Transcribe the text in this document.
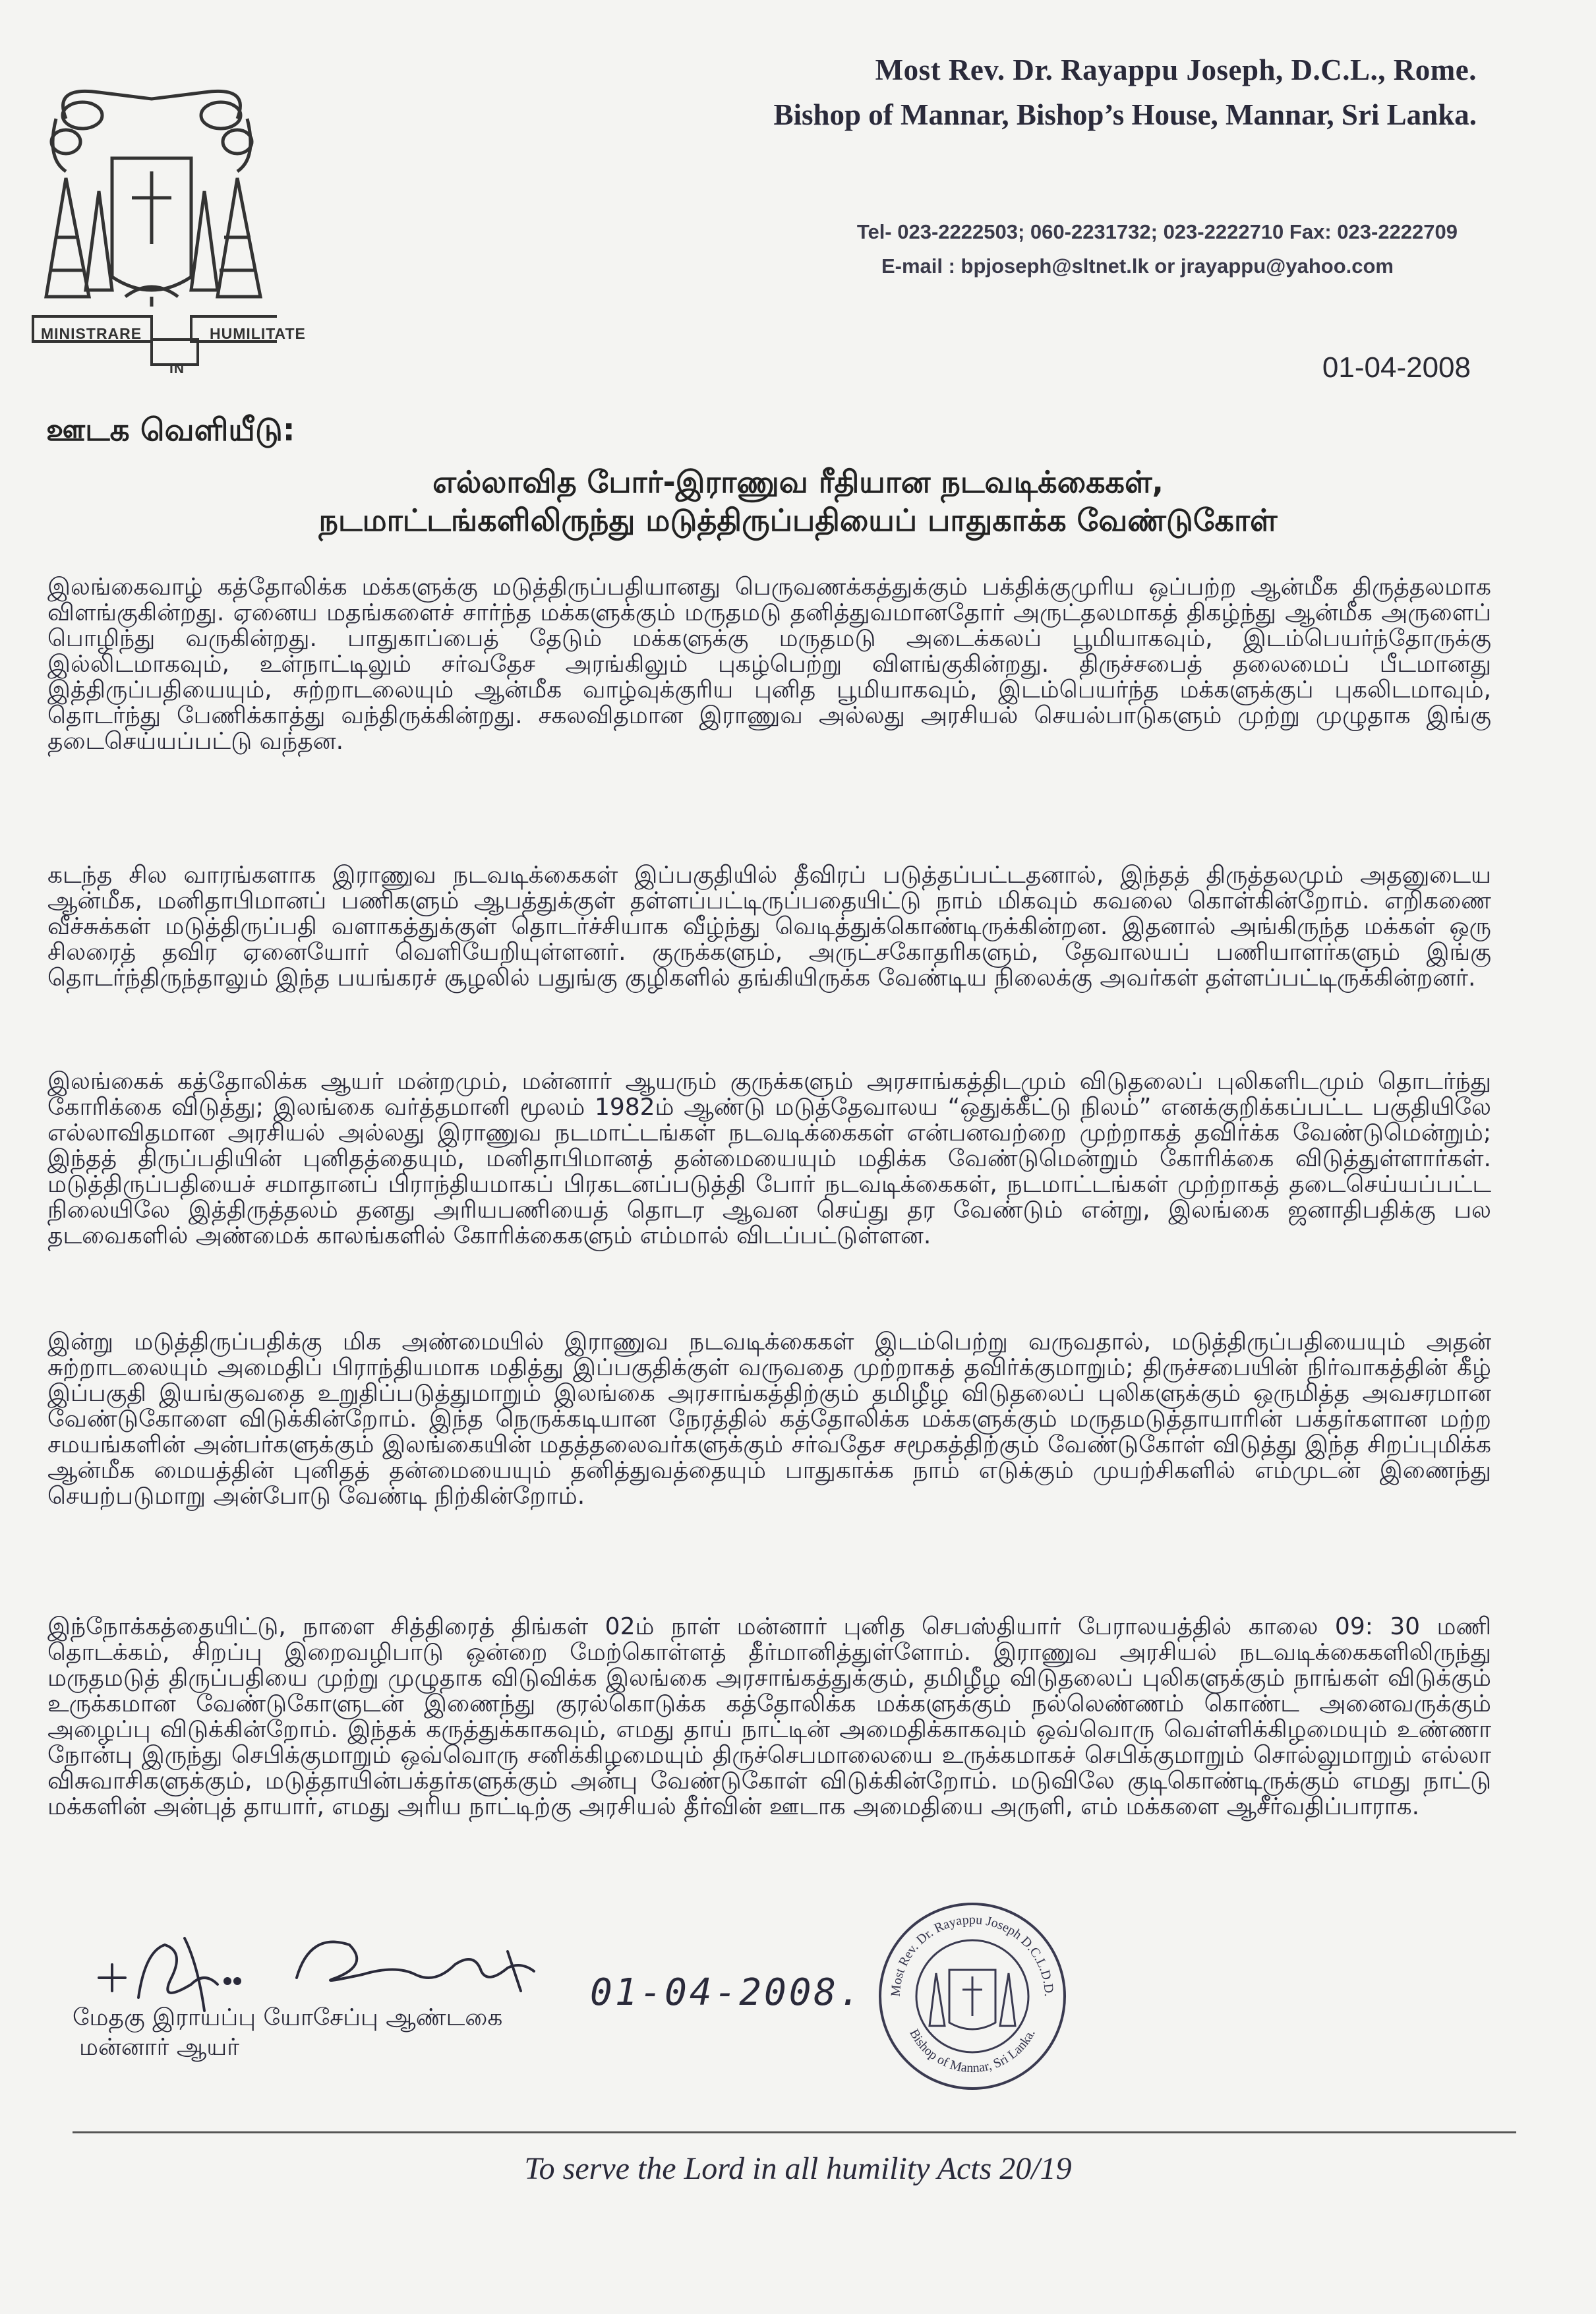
MINISTRARE	HUMILITATE
IN
Most Rev. Dr. Rayappu Joseph, D.C.L., Rome.
Bishop of Mannar, Bishop’s House, Mannar, Sri Lanka.
Tel- 023-2222503; 060-2231732; 023-2222710 Fax: 023-2222709
E-mail : bpjoseph@sltnet.lk or jrayappu@yahoo.com
01-04-2008
ஊடக வெளியீடு:
எல்லாவித போர்-இராணுவ ரீதியான நடவடிக்கைகள்,
நடமாட்டங்களிலிருந்து மடுத்திருப்பதியைப் பாதுகாக்க வேண்டுகோள்

இலங்கைவாழ் கத்தோலிக்க மக்களுக்கு மடுத்திருப்பதியானது பெருவணக்கத்துக்கும் பக்திக்குமுரிய ஒப்பற்ற ஆன்மீக திருத்தலமாக விளங்குகின்றது. ஏனைய மதங்களைச் சார்ந்த மக்களுக்கும் மருதமடு தனித்துவமானதோர் அருட்தலமாகத் திகழ்ந்து ஆன்மீக அருளைப் பொழிந்து வருகின்றது. பாதுகாப்பைத் தேடும் மக்களுக்கு மருதமடு அடைக்கலப் பூமியாகவும், இடம்பெயர்ந்தோருக்கு இல்லிடமாகவும், உள்நாட்டிலும் சர்வதேச அரங்கிலும் புகழ்பெற்று விளங்குகின்றது. திருச்சபைத் தலைமைப் பீடமானது இத்திருப்பதியையும், சுற்றாடலையும் ஆன்மீக வாழ்வுக்குரிய புனித பூமியாகவும், இடம்பெயர்ந்த மக்களுக்குப் புகலிடமாவும், தொடர்ந்து பேணிக்காத்து வந்திருக்கின்றது. சகலவிதமான இராணுவ அல்லது அரசியல் செயல்பாடுகளும் முற்று முழுதாக இங்கு தடைசெய்யப்பட்டு வந்தன.

கடந்த சில வாரங்களாக இராணுவ நடவடிக்கைகள் இப்பகுதியில் தீவிரப் படுத்தப்பட்டதனால், இந்தத் திருத்தலமும் அதனுடைய ஆன்மீக, மனிதாபிமானப் பணிகளும் ஆபத்துக்குள் தள்ளப்பட்டிருப்பதையிட்டு நாம் மிகவும் கவலை கொள்கின்றோம். எறிகணை வீச்சுக்கள் மடுத்திருப்பதி வளாகத்துக்குள் தொடர்ச்சியாக வீழ்ந்து வெடித்துக்கொண்டிருக்கின்றன. இதனால் அங்கிருந்த மக்கள் ஒரு சிலரைத் தவிர ஏனையோர் வெளியேறியுள்ளனர். குருக்களும், அருட்சகோதரிகளும், தேவாலயப் பணியாளர்களும் இங்கு தொடர்ந்திருந்தாலும் இந்த பயங்கரச் சூழலில் பதுங்கு குழிகளில் தங்கியிருக்க வேண்டிய நிலைக்கு அவர்கள் தள்ளப்பட்டிருக்கின்றனர்.

இலங்கைக் கத்தோலிக்க ஆயர் மன்றமும், மன்னார் ஆயரும் குருக்களும் அரசாங்கத்திடமும் விடுதலைப் புலிகளிடமும் தொடர்ந்து கோரிக்கை விடுத்து; இலங்கை வர்த்தமானி மூலம் 1982ம் ஆண்டு மடுத்தேவாலய “ஒதுக்கீட்டு நிலம்” எனக்குறிக்கப்பட்ட பகுதியிலே எல்லாவிதமான அரசியல் அல்லது இராணுவ நடமாட்டங்கள் நடவடிக்கைகள் என்பனவற்றை முற்றாகத் தவிர்க்க வேண்டுமென்றும்; இந்தத் திருப்பதியின் புனிதத்தையும், மனிதாபிமானத் தன்மையையும் மதிக்க வேண்டுமென்றும் கோரிக்கை விடுத்துள்ளார்கள். மடுத்திருப்பதியைச் சமாதானப் பிராந்தியமாகப் பிரகடனப்படுத்தி போர் நடவடிக்கைகள், நடமாட்டங்கள் முற்றாகத் தடைசெய்யப்பட்ட நிலையிலே இத்திருத்தலம் தனது அரியபணியைத் தொடர ஆவன செய்து தர வேண்டும் என்று, இலங்கை ஜனாதிபதிக்கு பல தடவைகளில் அண்மைக் காலங்களில் கோரிக்கைகளும் எம்மால் விடப்பட்டுள்ளன.

இன்று மடுத்திருப்பதிக்கு மிக அண்மையில் இராணுவ நடவடிக்கைகள் இடம்பெற்று வருவதால், மடுத்திருப்பதியையும் அதன் சுற்றாடலையும் அமைதிப் பிராந்தியமாக மதித்து இப்பகுதிக்குள் வருவதை முற்றாகத் தவிர்க்குமாறும்; திருச்சபையின் நிர்வாகத்தின் கீழ் இப்பகுதி இயங்குவதை உறுதிப்படுத்துமாறும் இலங்கை அரசாங்கத்திற்கும் தமிழீழ விடுதலைப் புலிகளுக்கும் ஒருமித்த அவசரமான வேண்டுகோளை விடுக்கின்றோம். இந்த நெருக்கடியான நேரத்தில் கத்தோலிக்க மக்களுக்கும் மருதமடுத்தாயாரின் பக்தர்களான மற்ற சமயங்களின் அன்பர்களுக்கும் இலங்கையின் மதத்தலைவர்களுக்கும் சர்வதேச சமூகத்திற்கும் வேண்டுகோள் விடுத்து இந்த சிறப்புமிக்க ஆன்மீக மையத்தின் புனிதத் தன்மையையும் தனித்துவத்தையும் பாதுகாக்க நாம் எடுக்கும் முயற்சிகளில் எம்முடன் இணைந்து செயற்படுமாறு அன்போடு வேண்டி நிற்கின்றோம்.

இந்நோக்கத்தையிட்டு, நாளை சித்திரைத் திங்கள் 02ம் நாள் மன்னார் புனித செபஸ்தியார் பேராலயத்தில் காலை 09: 30 மணி தொடக்கம், சிறப்பு இறைவழிபாடு ஒன்றை மேற்கொள்ளத் தீர்மானித்துள்ளோம். இராணுவ அரசியல் நடவடிக்கைகளிலிருந்து மருதமடுத் திருப்பதியை முற்று முழுதாக விடுவிக்க இலங்கை அரசாங்கத்துக்கும், தமிழீழ விடுதலைப் புலிகளுக்கும் நாங்கள் விடுக்கும் உருக்கமான வேண்டுகோளுடன் இணைந்து குரல்கொடுக்க கத்தோலிக்க மக்களுக்கும் நல்லெண்ணம் கொண்ட அனைவருக்கும் அழைப்பு விடுக்கின்றோம். இந்தக் கருத்துக்காகவும், எமது தாய் நாட்டின் அமைதிக்காகவும் ஒவ்வொரு வெள்ளிக்கிழமையும் உண்ணா நோன்பு இருந்து செபிக்குமாறும் ஒவ்வொரு சனிக்கிழமையும் திருச்செபமாலையை உருக்கமாகச் செபிக்குமாறும் சொல்லுமாறும் எல்லா விசுவாசிகளுக்கும், மடுத்தாயின்பக்தர்களுக்கும் அன்பு வேண்டுகோள் விடுக்கின்றோம். மடுவிலே குடிகொண்டிருக்கும் எமது நாட்டு மக்களின் அன்புத் தாயார், எமது அரிய நாட்டிற்கு அரசியல் தீர்வின் ஊடாக அமைதியை அருளி, எம் மக்களை ஆசீர்வதிப்பாராக.

01-04-2008.
மேதகு இராயப்பு யோசேப்பு ஆண்டகை
மன்னார் ஆயர்
Most Rev. Dr. Rayappu Joseph D.C.L.D.D.
Bishop of Mannar, Sri Lanka.
To serve the Lord in all humility Acts 20/19
